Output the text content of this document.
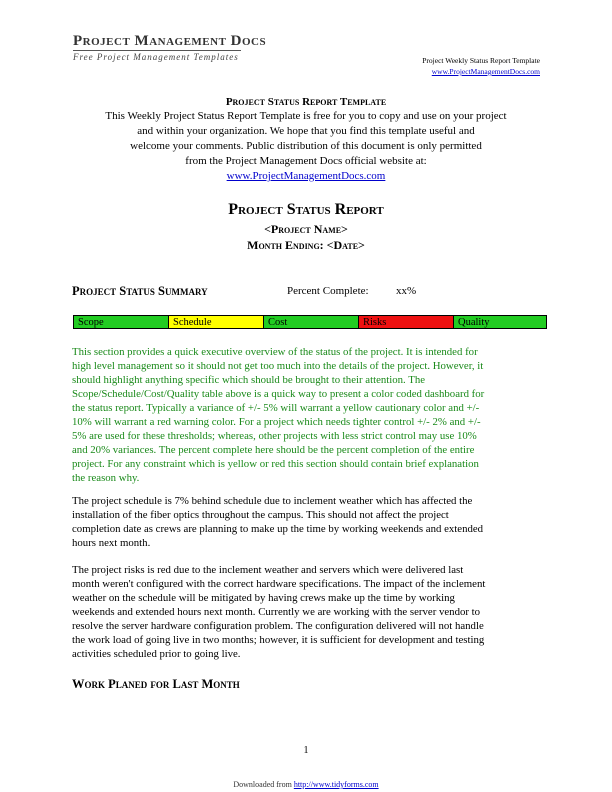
Project Management Docs
Free Project Management Templates	Project Weekly Status Report Template
www.ProjectManagementDocs.com
Project Status Report Template
This Weekly Project Status Report Template is free for you to copy and use on your project
and within your organization. We hope that you find this template useful and
welcome your comments. Public distribution of this document is only permitted
from the Project Management Docs official website at:
www.ProjectManagementDocs.com
Project Status Report
<Project Name>
Month Ending: <Date>
Project Status Summary	Percent Complete: xx%
Scope	Schedule	Cost	Risks	Quality
This section provides a quick executive overview of the status of the project. It is intended for
high level management so it should not get too much into the details of the project. However, it
should highlight anything specific which should be brought to their attention. The
Scope/Schedule/Cost/Quality table above is a quick way to present a color coded dashboard for
the status report. Typically a variance of +/- 5% will warrant a yellow cautionary color and +/-
10% will warrant a red warning color. For a project which needs tighter control +/- 2% and +/-
5% are used for these thresholds; whereas, other projects with less strict control may use 10%
and 20% variances. The percent complete here should be the percent completion of the entire
project. For any constraint which is yellow or red this section should contain brief explanation
the reason why.
The project schedule is 7% behind schedule due to inclement weather which has affected the
installation of the fiber optics throughout the campus. This should not affect the project
completion date as crews are planning to make up the time by working weekends and extended
hours next month.
The project risks is red due to the inclement weather and servers which were delivered last
month weren't configured with the correct hardware specifications. The impact of the inclement
weather on the schedule will be mitigated by having crews make up the time by working
weekends and extended hours next month. Currently we are working with the server vendor to
resolve the server hardware configuration problem. The configuration delivered will not handle
the work load of going live in two months; however, it is sufficient for development and testing
activities scheduled prior to going live.
Work Planed for Last Month
1
Downloaded from http://www.tidyforms.com
